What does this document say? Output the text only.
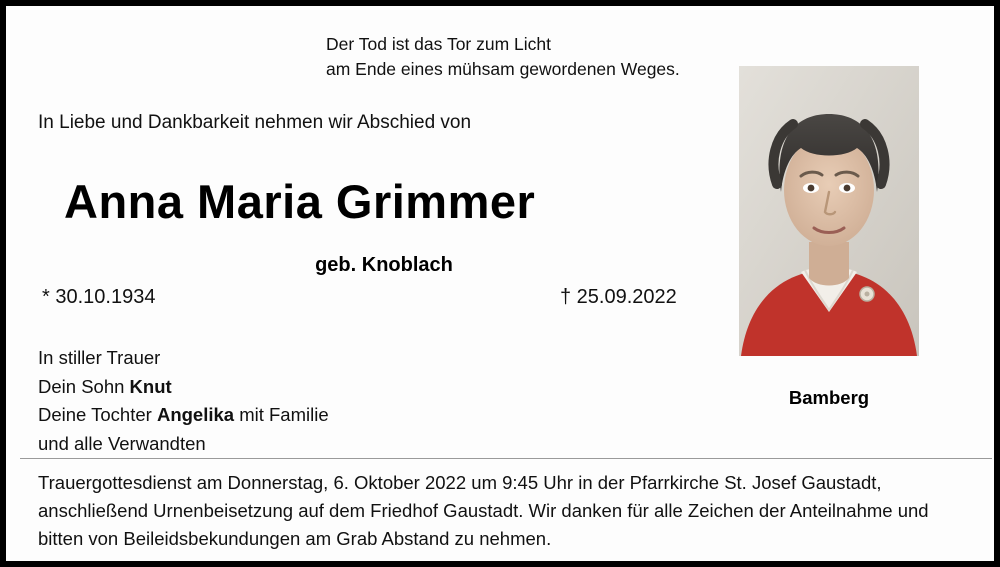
Der Tod ist das Tor zum Licht
am Ende eines mühsam gewordenen Weges.
In Liebe und Dankbarkeit nehmen wir Abschied von
Anna Maria Grimmer
geb. Knoblach
* 30.10.1934	† 25.09.2022
In stiller Trauer
Dein Sohn Knut
Deine Tochter Angelika mit Familie
und alle Verwandten
Bamberg
Trauergottesdienst am Donnerstag, 6. Oktober 2022 um 9:45 Uhr in der Pfarrkirche St. Josef Gaustadt,
anschließend Urnenbeisetzung auf dem Friedhof Gaustadt. Wir danken für alle Zeichen der Anteilnahme und
bitten von Beileidsbekundungen am Grab Abstand zu nehmen.
